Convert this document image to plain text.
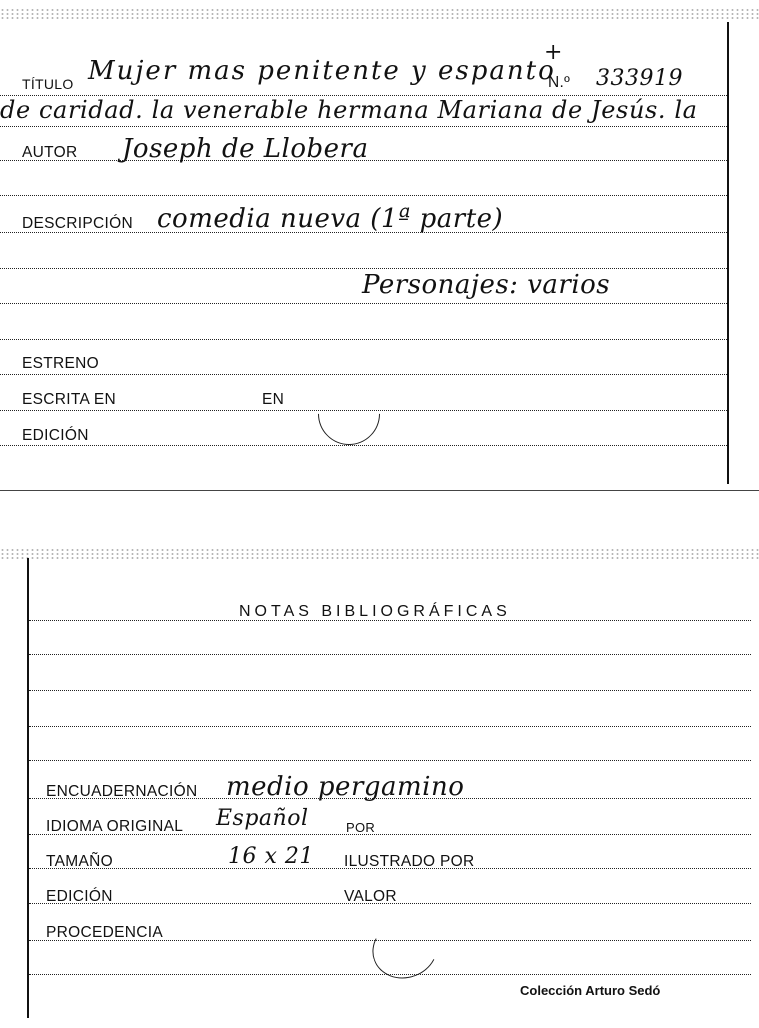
TÍTULO Mujer mas penitente y espanto
+
N.º 333919
de caridad. la venerable hermana Mariana de Jesús. la
AUTOR Joseph de Llobera
DESCRIPCIÓN comedia nueva (1ª parte)
Personajes: varios
ESTRENO
ESCRITA EN	EN
EDICIÓN
NOTAS BIBLIOGRÁFICAS
ENCUADERNACIÓN medio pergamino
IDIOMA ORIGINAL Español	POR
TAMAÑO	16 x 21 ILUSTRADO POR
EDICIÓN	VALOR
PROCEDENCIA
Colección Arturo Sedó
